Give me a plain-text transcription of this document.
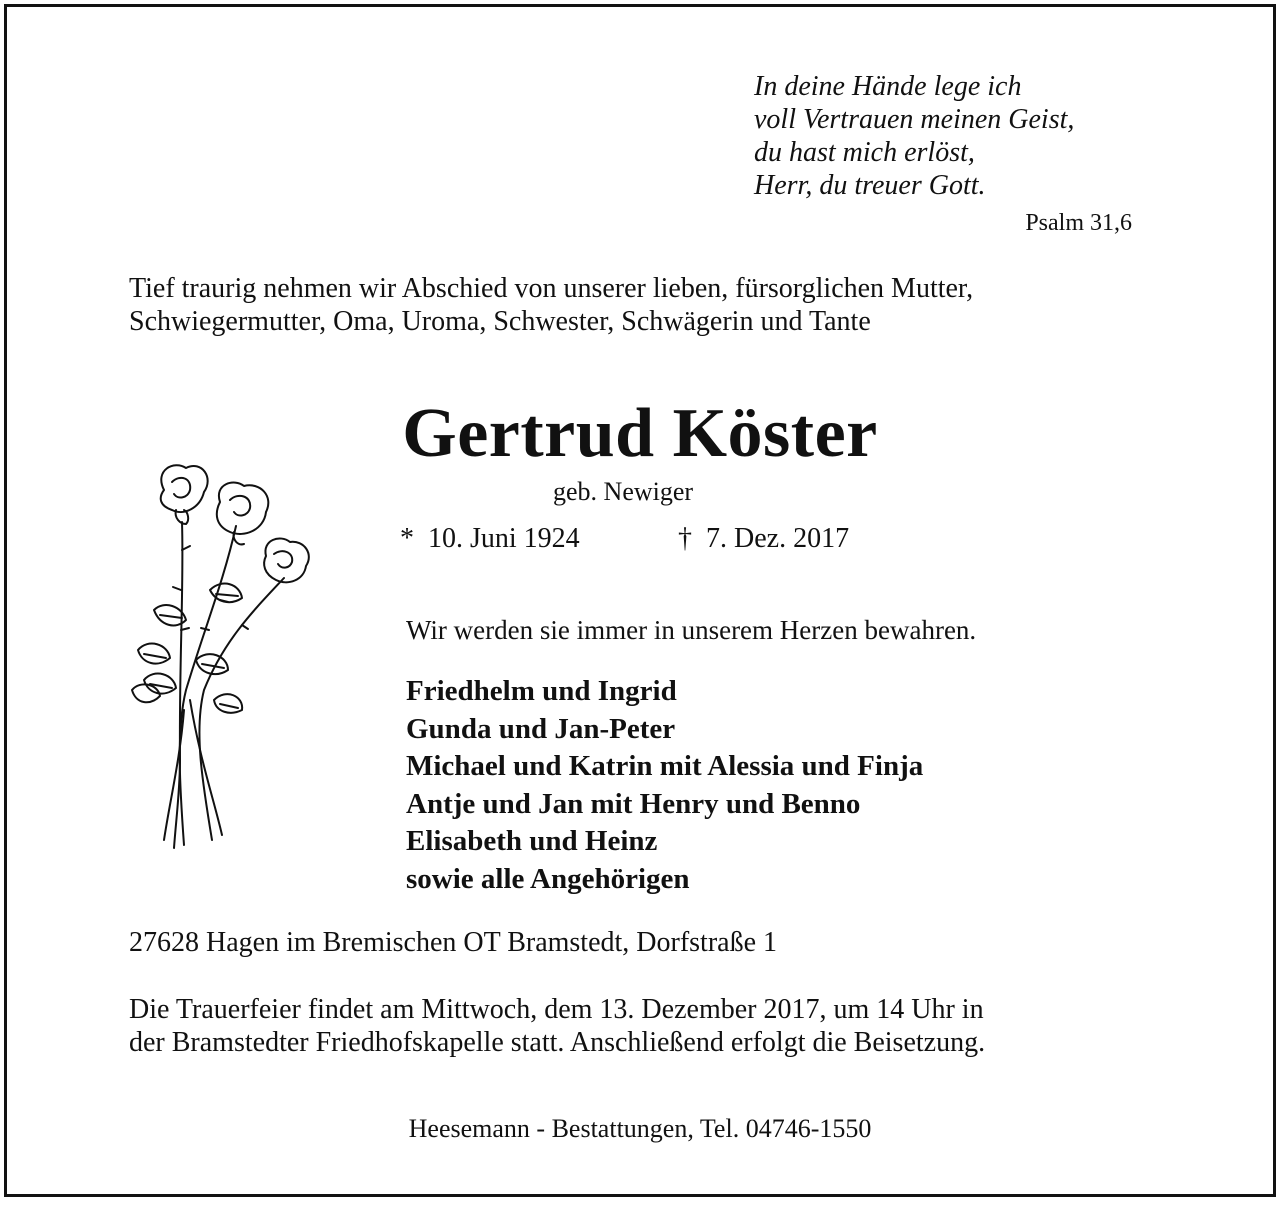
In deine Hände lege ich
voll Vertrauen meinen Geist,
du hast mich erlöst,
Herr, du treuer Gott.
Psalm 31,6
Tief traurig nehmen wir Abschied von unserer lieben, fürsorglichen Mutter,
Schwiegermutter, Oma, Uroma, Schwester, Schwägerin und Tante
Gertrud Köster
geb. Newiger
* 10. Juni 1924	† 7. Dez. 2017
Wir werden sie immer in unserem Herzen bewahren.
Friedhelm und Ingrid
Gunda und Jan-Peter
Michael und Katrin mit Alessia und Finja
Antje und Jan mit Henry und Benno
Elisabeth und Heinz
sowie alle Angehörigen
27628 Hagen im Bremischen OT Bramstedt, Dorfstraße 1
Die Trauerfeier findet am Mittwoch, dem 13. Dezember 2017, um 14 Uhr in
der Bramstedter Friedhofskapelle statt. Anschließend erfolgt die Beisetzung.
Heesemann - Bestattungen, Tel. 04746-1550
